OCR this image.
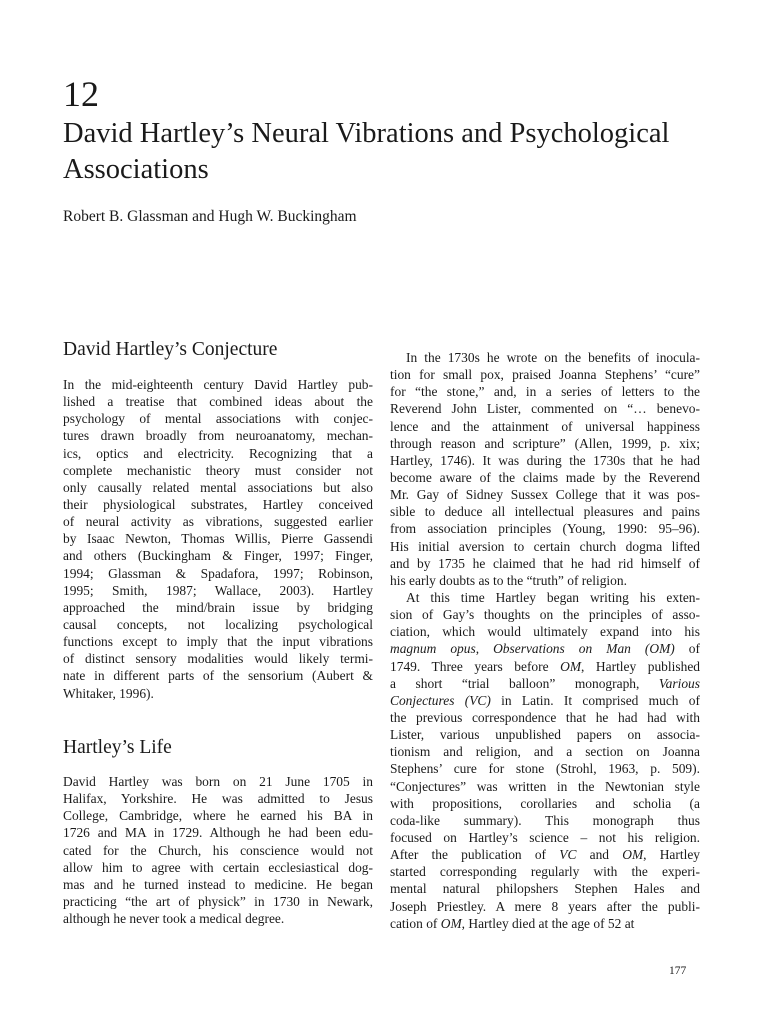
12
David Hartley’s Neural Vibrations and Psychological Associations
Robert B. Glassman and Hugh W. Buckingham
David Hartley’s Conjecture
In the mid-eighteenth century David Hartley pub-
lished a treatise that combined ideas about the
psychology of mental associations with conjec-
tures drawn broadly from neuroanatomy, mechan-
ics, optics and electricity. Recognizing that a
complete mechanistic theory must consider not
only causally related mental associations but also
their physiological substrates, Hartley conceived
of neural activity as vibrations, suggested earlier
by Isaac Newton, Thomas Willis, Pierre Gassendi
and others (Buckingham & Finger, 1997; Finger,
1994; Glassman & Spadafora, 1997; Robinson,
1995; Smith, 1987; Wallace, 2003). Hartley
approached the mind/brain issue by bridging
causal concepts, not localizing psychological
functions except to imply that the input vibrations
of distinct sensory modalities would likely termi-
nate in different parts of the sensorium (Aubert &
Whitaker, 1996).
Hartley’s Life
David Hartley was born on 21 June 1705 in
Halifax, Yorkshire. He was admitted to Jesus
College, Cambridge, where he earned his BA in
1726 and MA in 1729. Although he had been edu-
cated for the Church, his conscience would not
allow him to agree with certain ecclesiastical dog-
mas and he turned instead to medicine. He began
practicing “the art of physick” in 1730 in Newark,
although he never took a medical degree.
In the 1730s he wrote on the benefits of inocula-
tion for small pox, praised Joanna Stephens’ “cure”
for “the stone,” and, in a series of letters to the
Reverend John Lister, commented on “… benevo-
lence and the attainment of universal happiness
through reason and scripture” (Allen, 1999, p. xix;
Hartley, 1746). It was during the 1730s that he had
become aware of the claims made by the Reverend
Mr. Gay of Sidney Sussex College that it was pos-
sible to deduce all intellectual pleasures and pains
from association principles (Young, 1990: 95–96).
His initial aversion to certain church dogma lifted
and by 1735 he claimed that he had rid himself of
his early doubts as to the “truth” of religion.
At this time Hartley began writing his exten-
sion of Gay’s thoughts on the principles of asso-
ciation, which would ultimately expand into his
magnum opus, Observations on Man (OM) of
1749. Three years before OM, Hartley published
a short “trial balloon” monograph, Various
Conjectures (VC) in Latin. It comprised much of
the previous correspondence that he had had with
Lister, various unpublished papers on associa-
tionism and religion, and a section on Joanna
Stephens’ cure for stone (Strohl, 1963, p. 509).
“Conjectures” was written in the Newtonian style
with propositions, corollaries and scholia (a
coda-like summary). This monograph thus
focused on Hartley’s science – not his religion.
After the publication of VC and OM, Hartley
started corresponding regularly with the experi-
mental natural philopshers Stephen Hales and
Joseph Priestley. A mere 8 years after the publi-
cation of OM, Hartley died at the age of 52 at
177
